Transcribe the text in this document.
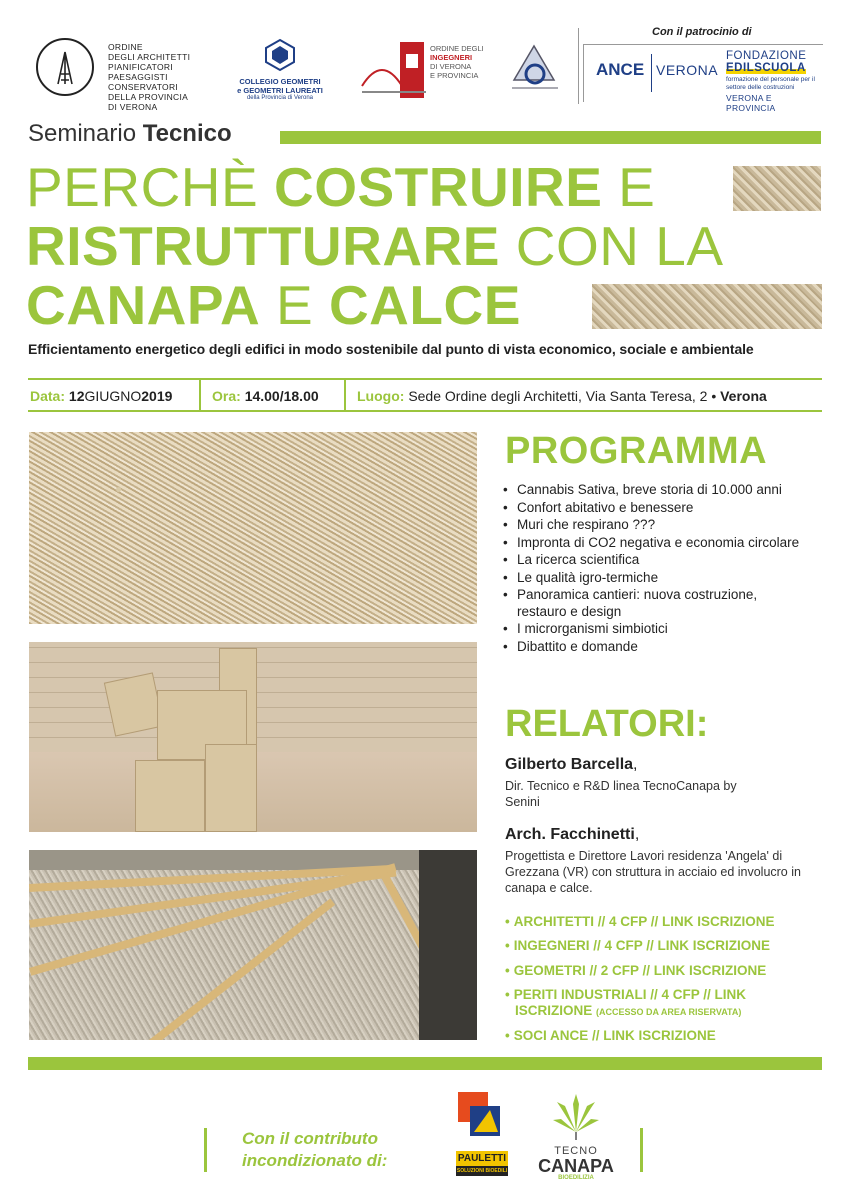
ORDINE
DEGLI ARCHITETTI
PIANIFICATORI
PAESAGGISTI
CONSERVATORI
DELLA PROVINCIA
DI VERONA
COLLEGIO GEOMETRI
e GEOMETRI LAUREATI
della Provincia di Verona
ORDINE DEGLI
INGEGNERI
DI VERONA
E PROVINCIA
Con il patrocinio di
ANCE VERONA
FONDAZIONE
EDILSCUOLA
formazione del personale per il settore delle costruzioni
VERONA E PROVINCIA
Seminario Tecnico
PERCHÈ COSTRUIRE E
RISTRUTTURARE CON LA
CANAPA E CALCE
Efficientamento energetico degli edifici in modo sostenibile dal punto di vista economico, sociale e ambientale
Data: 12GIUGNO2019	Ora: 14.00/18.00	Luogo: Sede Ordine degli Architetti, Via Santa Teresa, 2 • Verona
PROGRAMMA
• Cannabis Sativa, breve storia di 10.000 anni
• Confort abitativo e benessere
• Muri che respirano ???
• Impronta di CO2 negativa e economia circolare
• La ricerca scientifica
• Le qualità igro-termiche
• Panoramica cantieri: nuova costruzione, restauro e design
• I microrganismi simbiotici
• Dibattito e domande
RELATORI:
Gilberto Barcella,
Dir. Tecnico e R&D linea TecnoCanapa by Senini
Arch. Facchinetti,
Progettista e Direttore Lavori residenza 'Angela' di Grezzana (VR) con struttura in acciaio ed involucro in canapa e calce.
• ARCHITETTI // 4 CFP // LINK ISCRIZIONE
• INGEGNERI // 4 CFP // LINK ISCRIZIONE
• GEOMETRI // 2 CFP // LINK ISCRIZIONE
• PERITI INDUSTRIALI // 4 CFP // LINK
ISCRIZIONE (ACCESSO DA AREA RISERVATA)
• SOCI ANCE // LINK ISCRIZIONE
Con il contributo
incondizionato di:	PAULETTI
SOLUZIONI BIOEDILI
TECNO
CANAPA
BIOEDILIZIA
